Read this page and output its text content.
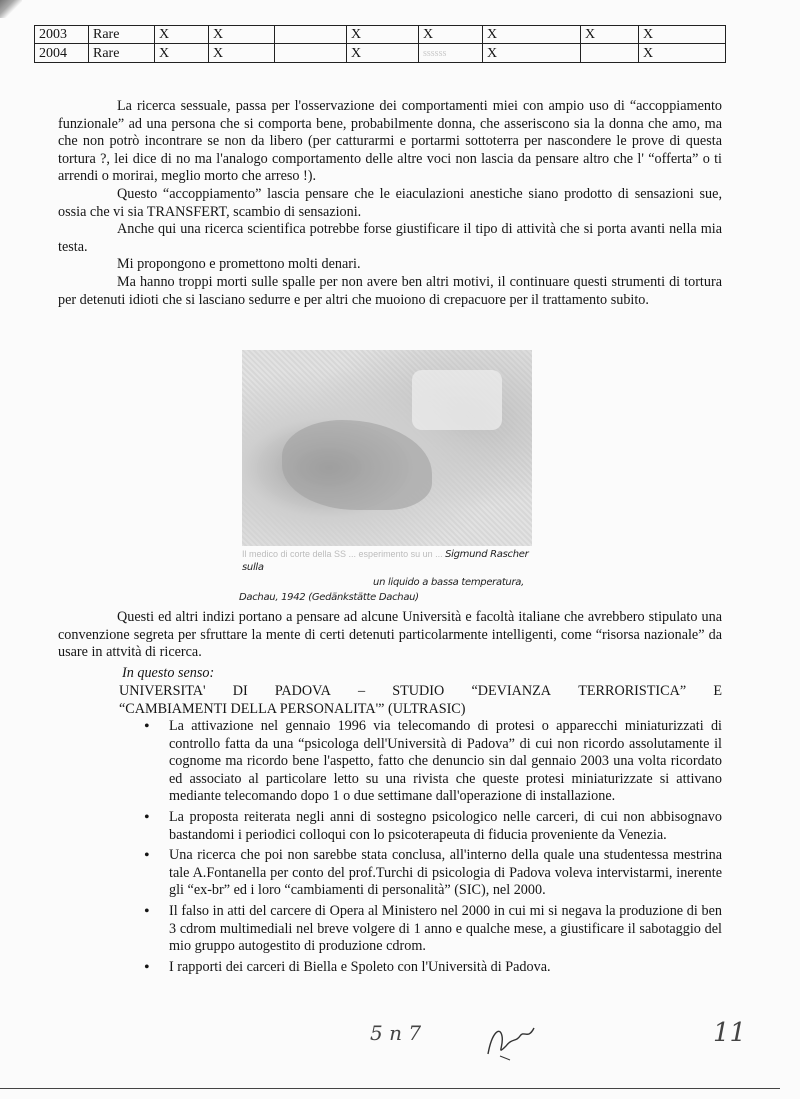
2003	Rare	X	X		X	X	X	X	X
2004	Rare	X	X		X	ssssss	X		X

La ricerca sessuale, passa per l'osservazione dei comportamenti miei con ampio uso di “accoppiamento funzionale” ad una persona che si comporta bene, probabilmente donna, che asseriscono sia la donna che amo, ma che non potrò incontrare se non da libero (per catturarmi e portarmi sottoterra per nascondere le prove di questa tortura ?, lei dice di no ma l'analogo comportamento delle altre voci non lascia da pensare altro che l' “offerta” o ti arrendi o morirai, meglio morto che arreso !).

Questo “accoppiamento” lascia pensare che le eiaculazioni anestiche siano prodotto di sensazioni sue, ossia che vi sia TRANSFERT, scambio di sensazioni.

Anche qui una ricerca scientifica potrebbe forse giustificare il tipo di attività che si porta avanti nella mia testa.

Mi propongono e promettono molti denari.

Ma hanno troppi morti sulle spalle per non avere ben altri motivi, il continuare questi strumenti di tortura per detenuti idioti che si lasciano sedurre e per altri che muoiono di crepacuore per il trattamento subito.

Il medico di corte della SS ... esperimento su un ... Sigmund Rascher sulla
un liquido a bassa temperatura,
Dachau, 1942 (Gedänkstätte Dachau)

Questi ed altri indizi portano a pensare ad alcune Università e facoltà italiane che avrebbero stipulato una convenzione segreta per sfruttare la mente di certi detenuti particolarmente intelligenti, come “risorsa nazionale” da usare in attvità di ricerca.

In questo senso:
UNIVERSITA' DI PADOVA – STUDIO “DEVIANZA TERRORISTICA” E
“CAMBIAMENTI DELLA PERSONALITA'” (ULTRASIC)
• La attivazione nel gennaio 1996 via telecomando di protesi o apparecchi miniaturizzati di controllo fatta da una “psicologa dell'Università di Padova” di cui non ricordo assolutamente il cognome ma ricordo bene l'aspetto, fatto che denuncio sin dal gennaio 2003 una volta ricordato ed associato al particolare letto su una rivista che queste protesi miniaturizzate si attivano mediante telecomando dopo 1 o due settimane dall'operazione di installazione.
• La proposta reiterata negli anni di sostegno psicologico nelle carceri, di cui non abbisognavo bastandomi i periodici colloqui con lo psicoterapeuta di fiducia proveniente da Venezia.
• Una ricerca che poi non sarebbe stata conclusa, all'interno della quale una studentessa mestrina tale A.Fontanella per conto del prof.Turchi di psicologia di Padova voleva intervistarmi, inerente gli “ex-br” ed i loro “cambiamenti di personalità” (SIC), nel 2000.
• Il falso in atti del carcere di Opera al Ministero nel 2000 in cui mi si negava la produzione di ben 3 cdrom multimediali nel breve volgere di 1 anno e qualche mese, a giustificare il sabotaggio del mio gruppo autogestito di produzione cdrom.
• I rapporti dei carceri di Biella e Spoleto con l'Università di Padova.
5 n 7	11
